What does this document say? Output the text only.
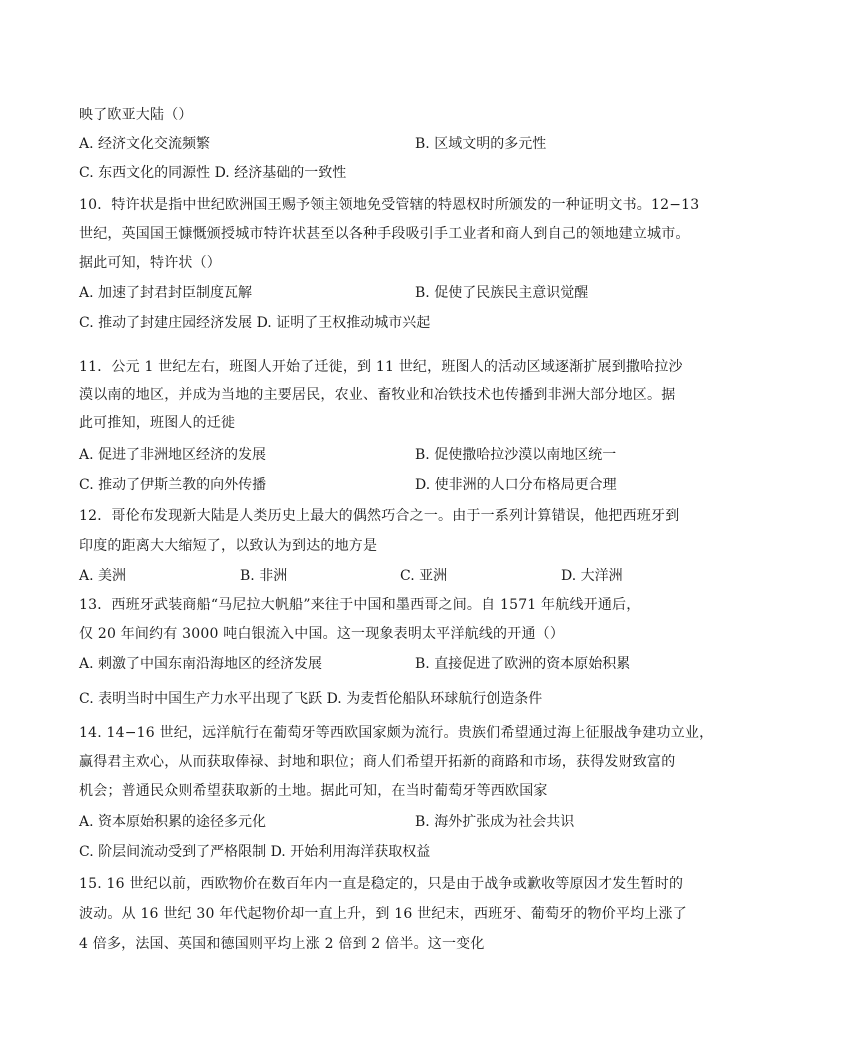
映了欧亚大陆（）
A. 经济文化交流频繁	B. 区域文明的多元性
C. 东西文化的同源性 D. 经济基础的一致性
10．特许状是指中世纪欧洲国王赐予领主领地免受管辖的特恩权时所颁发的一种证明文书。12−13
世纪，英国国王慷慨颁授城市特许状甚至以各种手段吸引手工业者和商人到自己的领地建立城市。
据此可知，特许状（）
A. 加速了封君封臣制度瓦解	B. 促使了民族民主意识觉醒
C. 推动了封建庄园经济发展 D. 证明了王权推动城市兴起
11．公元 1 世纪左右，班图人开始了迁徙，到 11 世纪，班图人的活动区域逐渐扩展到撒哈拉沙
漠以南的地区，并成为当地的主要居民，农业、畜牧业和冶铁技术也传播到非洲大部分地区。据
此可推知，班图人的迁徙
A. 促进了非洲地区经济的发展	B. 促使撒哈拉沙漠以南地区统一
C. 推动了伊斯兰教的向外传播	D. 使非洲的人口分布格局更合理
12．哥伦布发现新大陆是人类历史上最大的偶然巧合之一。由于一系列计算错误，他把西班牙到
印度的距离大大缩短了，以致认为到达的地方是
A. 美洲	B. 非洲	C. 亚洲	D. 大洋洲
13．西班牙武装商船“马尼拉大帆船”来往于中国和墨西哥之间。自 1571 年航线开通后，
仅 20 年间约有 3000 吨白银流入中国。这一现象表明太平洋航线的开通（）
A. 刺激了中国东南沿海地区的经济发展	B. 直接促进了欧洲的资本原始积累
C. 表明当时中国生产力水平出现了飞跃 D. 为麦哲伦船队环球航行创造条件
14. 14−16 世纪，远洋航行在葡萄牙等西欧国家颇为流行。贵族们希望通过海上征服战争建功立业，
赢得君主欢心，从而获取俸禄、封地和职位；商人们希望开拓新的商路和市场，获得发财致富的
机会；普通民众则希望获取新的土地。据此可知，在当时葡萄牙等西欧国家
A. 资本原始积累的途径多元化	B. 海外扩张成为社会共识
C. 阶层间流动受到了严格限制 D. 开始利用海洋获取权益
15. 16 世纪以前，西欧物价在数百年内一直是稳定的，只是由于战争或歉收等原因才发生暂时的
波动。从 16 世纪 30 年代起物价却一直上升，到 16 世纪末，西班牙、葡萄牙的物价平均上涨了
4 倍多，法国、英国和德国则平均上涨 2 倍到 2 倍半。这一变化
